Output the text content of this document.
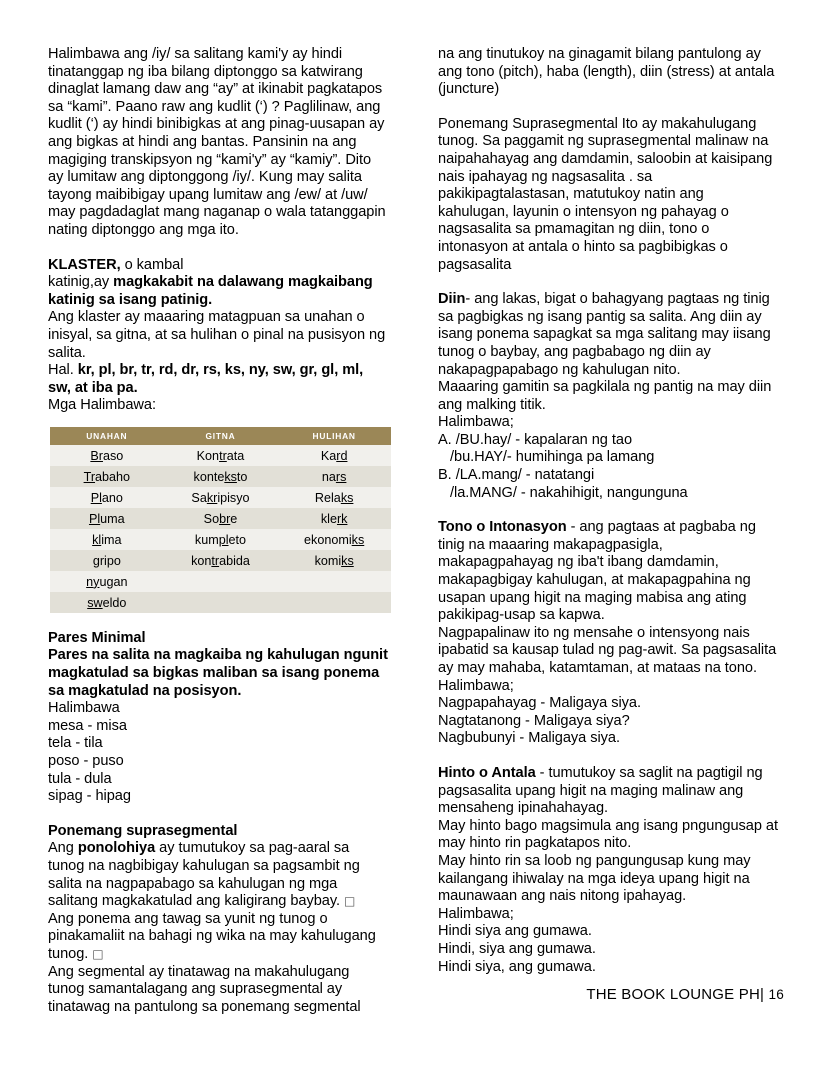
Halimbawa ang /iy/ sa salitang kami'y ay hindi tinatanggap ng iba bilang diptonggo sa katwirang dinaglat lamang daw ang “ay” at ikinabit pagkatapos sa “kami”. Paano raw ang kudlit (‘) ? Paglilinaw, ang kudlit (‘) ay hindi binibigkas at ang pinag-uusapan ay ang bigkas at hindi ang bantas. Pansinin na ang magiging transkipsyon ng “kami'y” ay “kamiy”. Dito ay lumitaw ang diptonggong /iy/. Kung may salita tayong maibibigay upang lumitaw ang /ew/ at /uw/ may pagdadaglat mang naganap o wala tatanggapin nating diptonggo ang mga ito.

KLASTER, o kambal

katinig,ay magkakabit na dalawang magkaibang katinig sa isang patinig.

Ang klaster ay maaaring matagpuan sa unahan o inisyal, sa gitna, at sa hulihan o pinal na pusisyon ng salita.

Hal. kr, pl, br, tr, rd, dr, rs, ks, ny, sw, gr, gl, ml, sw, at iba pa.

Mga Halimbawa:

UNAHAN	GITNA	HULIHAN
Braso	Kontrata	Kard
Trabaho	konteksto	nars
Plano	Sakripisyo	Relaks
Pluma	Sobre	klerk
klima	kumpleto	ekonomiks
gripo	kontrabida	komiks
nyugan		
sweldo		

Pares Minimal

Pares na salita na magkaiba ng kahulugan ngunit magkatulad sa bigkas maliban sa isang ponema sa magkatulad na posisyon.

Halimbawa

mesa - misa

tela - tila

poso - puso

tula - dula

sipag - hipag

Ponemang suprasegmental

Ang ponolohiya ay tumutukoy sa pag-aaral sa tunog na nagbibigay kahulugan sa pagsambit ng salita na nagpapabago sa kahulugan ng mga salitang magkakatulad ang kaligirang baybay. □

Ang ponema ang tawag sa yunit ng tunog o pinakamaliit na bahagi ng wika na may kahulugang tunog. □

Ang segmental ay tinatawag na makahulugang tunog samantalagang ang suprasegmental ay tinatawag na pantulong sa ponemang segmental

na ang tinutukoy na ginagamit bilang pantulong ay ang tono (pitch), haba (length), diin (stress) at antala (juncture)

Ponemang Suprasegmental Ito ay makahulugang tunog. Sa paggamit ng suprasegmental malinaw na naipahahayag ang damdamin, saloobin at kaisipang nais ipahayag ng nagsasalita . sa pakikipagtalastasan, matutukoy natin ang kahulugan, layunin o intensyon ng pahayag o nagsasalita sa pmamagitan ng diin, tono o intonasyon at antala o hinto sa pagbibigkas o pagsasalita

Diin- ang lakas, bigat o bahagyang pagtaas ng tinig sa pagbigkas ng isang pantig sa salita. Ang diin ay isang ponema sapagkat sa mga salitang may iisang tunog o baybay, ang pagbabago ng diin ay nakapagpapabago ng kahulugan nito.

Maaaring gamitin sa pagkilala ng pantig na may diin ang malking titik.

Halimbawa;

A. /BU.hay/ - kapalaran ng tao

/bu.HAY/- humihinga pa lamang

B. /LA.mang/ - natatangi

/la.MANG/ - nakahihigit, nangunguna

Tono o Intonasyon - ang pagtaas at pagbaba ng tinig na maaaring makapagpasigla, makapagpahayag ng iba't ibang damdamin, makapagbigay kahulugan, at makapagpahina ng usapan upang higit na maging mabisa ang ating pakikipag-usap sa kapwa.

Nagpapalinaw ito ng mensahe o intensyong nais ipabatid sa kausap tulad ng pag-awit. Sa pagsasalita ay may mahaba, katamtaman, at mataas na tono.

Halimbawa;

Nagpapahayag - Maligaya siya.

Nagtatanong - Maligaya siya?

Nagbubunyi - Maligaya siya.

Hinto o Antala - tumutukoy sa saglit na pagtigil ng pagsasalita upang higit na maging malinaw ang mensaheng ipinahahayag.

May hinto bago magsimula ang isang pngungusap at may hinto rin pagkatapos nito.

May hinto rin sa loob ng pangungusap kung may kailangang ihiwalay na mga ideya upang higit na maunawaan ang nais nitong ipahayag.

Halimbawa;

Hindi siya ang gumawa.

Hindi, siya ang gumawa.

Hindi siya, ang gumawa.

THE BOOK LOUNGE PH| 16
